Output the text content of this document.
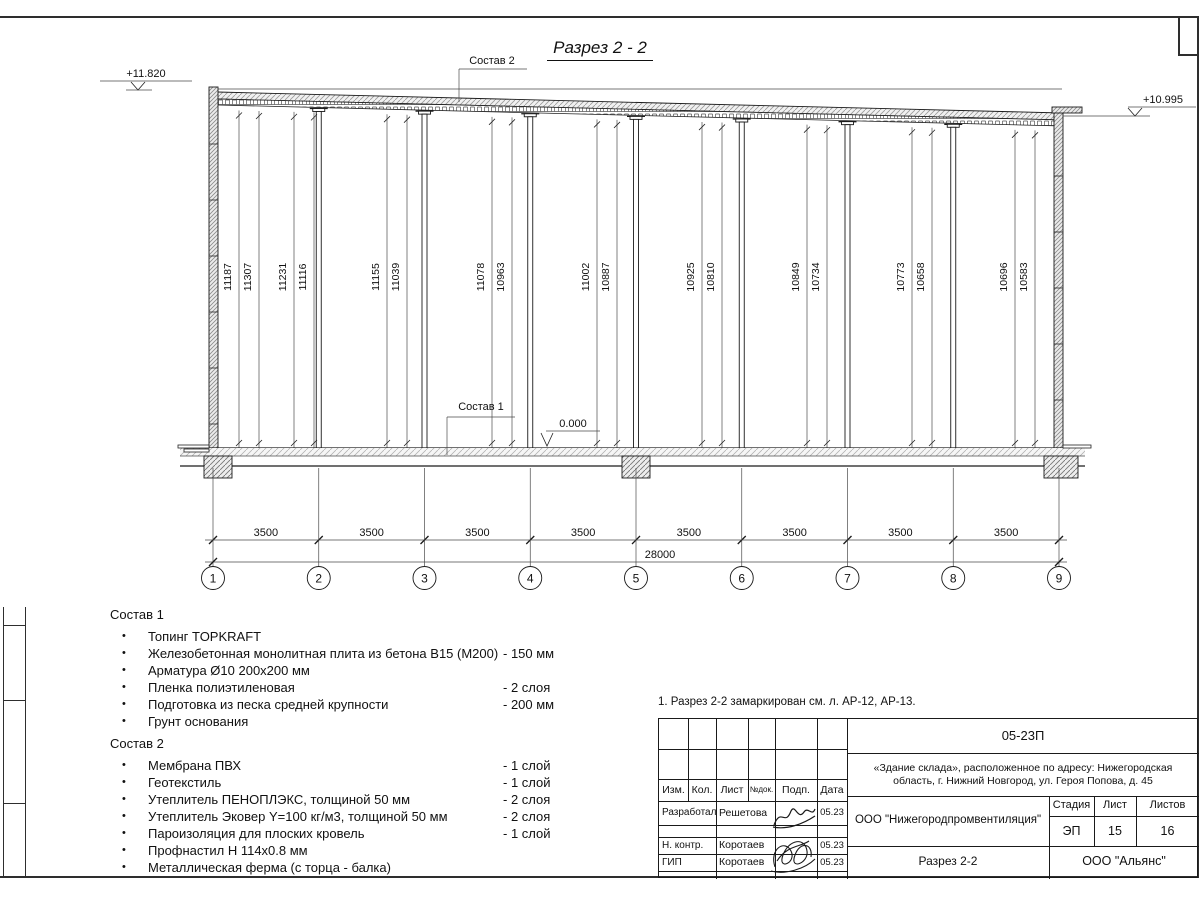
Разрез 2 - 2
11187 11307 11231 11116	11155 11039	11078 10963	11002 10887	10925 10810	10849 10734	10773 10658	10696 10583
0.000
Состав 1
Состав 2
+11.820
+10.995
3500
1
3500
2
3500
3
3500
4
3500
5
3500
6
3500
7
3500
8	9
28000
Состав 1
• Топинг TOPKRAFT
• Железобетонная монолитная плита из бетона В15 (М200) - 150 мм
• Арматура Ø10 200х200 мм
• Пленка полиэтиленовая	- 2 слоя
• Подготовка из песка средней крупности	- 200 мм
• Грунт основания
Состав 2
• Мембрана ПВХ	- 1 слой
• Геотекстиль	- 1 слой
• Утеплитель ПЕНОПЛЭКС, толщиной 50 мм	- 2 слоя
• Утеплитель Эковер Y=100 кг/м3, толщиной 50 мм	- 2 слоя
• Пароизоляция для плоских кровель	- 1 слой
• Профнастил Н 114х0.8 мм
• Металлическая ферма (с торца - балка)
1. Разрез 2-2 замаркирован см. л. АР-12, АР-13.
05-23П
«Здание склада», расположенное по адресу: Нижегородская область, г. Нижний Новгород, ул. Героя Попова, д. 45
ООО "Нижегородпромвентиляция"
Стадия	Лист	Листов
ЭП	15	16
Разрез 2-2	ООО "Альянс"
Изм. Кол. Лист №док. Подп. Дата
Разработал Решетова	05.23
Н. контр.	Коротаев	05.23
ГИП	Коротаев	05.23
